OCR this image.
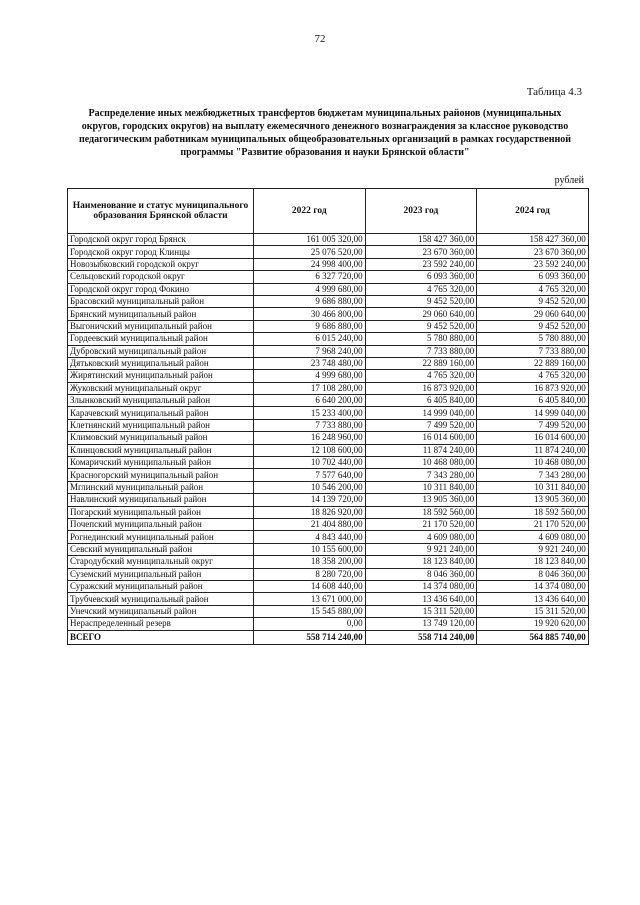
72
Таблица 4.3
Распределение иных межбюджетных трансфертов бюджетам муниципальных районов (муниципальных
округов, городских округов) на выплату ежемесячного денежного вознаграждения за классное руководство
педагогическим работникам муниципальных общеобразовательных организаций в рамках государственной
программы "Развитие образования и науки Брянской области"
рублей
Наименование и статус муниципального образования Брянской области	2022 год	2023 год	2024 год
Городской округ город Брянск	161 005 320,00	158 427 360,00	158 427 360,00
Городской округ город Клинцы	25 076 520,00	23 670 360,00	23 670 360,00
Новозыбковский городской округ	24 998 400,00	23 592 240,00	23 592 240,00
Сельцовский городской округ	6 327 720,00	6 093 360,00	6 093 360,00
Городской округ город Фокино	4 999 680,00	4 765 320,00	4 765 320,00
Брасовский муниципальный район	9 686 880,00	9 452 520,00	9 452 520,00
Брянский муниципальный район	30 466 800,00	29 060 640,00	29 060 640,00
Выгоничский муниципальный район	9 686 880,00	9 452 520,00	9 452 520,00
Гордеевский муниципальный район	6 015 240,00	5 780 880,00	5 780 880,00
Дубровский муниципальный район	7 968 240,00	7 733 880,00	7 733 880,00
Дятьковский муниципальный район	23 748 480,00	22 889 160,00	22 889 160,00
Жирятинский муниципальный район	4 999 680,00	4 765 320,00	4 765 320,00
Жуковский муниципальный округ	17 108 280,00	16 873 920,00	16 873 920,00
Злынковский муниципальный район	6 640 200,00	6 405 840,00	6 405 840,00
Карачевский муниципальный район	15 233 400,00	14 999 040,00	14 999 040,00
Клетнянский муниципальный район	7 733 880,00	7 499 520,00	7 499 520,00
Климовский муниципальный район	16 248 960,00	16 014 600,00	16 014 600,00
Клинцовский муниципальный район	12 108 600,00	11 874 240,00	11 874 240,00
Комаричский муниципальный район	10 702 440,00	10 468 080,00	10 468 080,00
Красногорский муниципальный район	7 577 640,00	7 343 280,00	7 343 280,00
Мглинский муниципальный район	10 546 200,00	10 311 840,00	10 311 840,00
Навлинский муниципальный район	14 139 720,00	13 905 360,00	13 905 360,00
Погарский муниципальный район	18 826 920,00	18 592 560,00	18 592 560,00
Почепский муниципальный район	21 404 880,00	21 170 520,00	21 170 520,00
Рогнединский муниципальный район	4 843 440,00	4 609 080,00	4 609 080,00
Севский муниципальный район	10 155 600,00	9 921 240,00	9 921 240,00
Стародубский муниципальный округ	18 358 200,00	18 123 840,00	18 123 840,00
Суземский муниципальный район	8 280 720,00	8 046 360,00	8 046 360,00
Суражский муниципальный район	14 608 440,00	14 374 080,00	14 374 080,00
Трубчевский муниципальный район	13 671 000,00	13 436 640,00	13 436 640,00
Унечский муниципальный район	15 545 880,00	15 311 520,00	15 311 520,00
Нераспределенный резерв	0,00	13 749 120,00	19 920 620,00
ВСЕГО	558 714 240,00	558 714 240,00	564 885 740,00
